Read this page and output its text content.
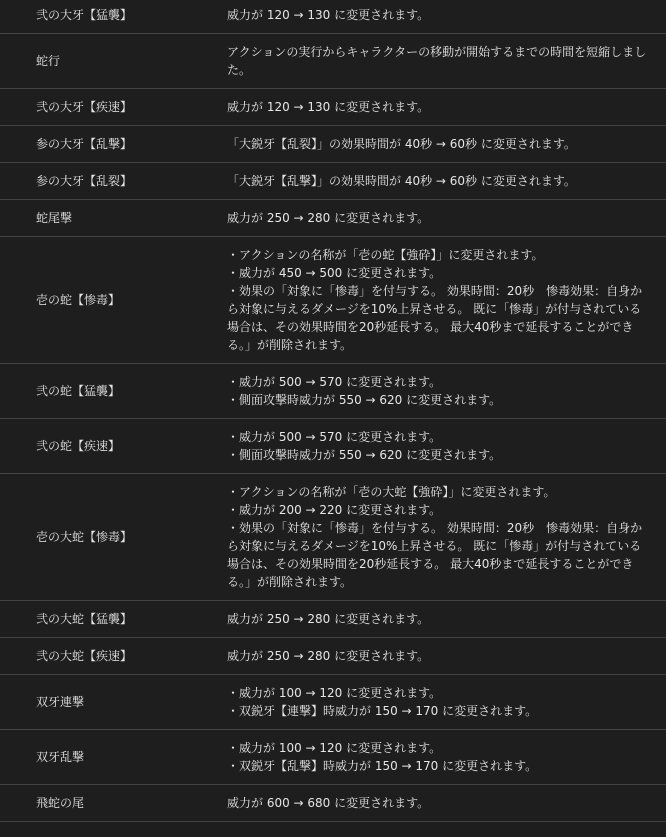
弐の大牙【猛襲】	威力が 120 → 130 に変更されます。

蛇行	アクションの実行からキャラクターの移動が開始するまでの時間を短縮しました。

弐の大牙【疾速】	威力が 120 → 130 に変更されます。

参の大牙【乱撃】	「大鋭牙【乱裂】」の効果時間が 40秒 → 60秒 に変更されます。

参の大牙【乱裂】	「大鋭牙【乱撃】」の効果時間が 40秒 → 60秒 に変更されます。

蛇尾撃	威力が 250 → 280 に変更されます。

壱の蛇【惨毒】	・アクションの名称が「壱の蛇【強砕】」に変更されます。
・威力が 450 → 500 に変更されます。
・効果の「対象に「惨毒」を付与する。 効果時間：20秒　惨毒効果：自身から対象に与えるダメージを10%上昇させる。 既に「惨毒」が付与されている場合は、その効果時間を20秒延長する。 最大40秒まで延長することができる。」が削除されます。

弐の蛇【猛襲】	・威力が 500 → 570 に変更されます。
・側面攻撃時威力が 550 → 620 に変更されます。

弐の蛇【疾速】	・威力が 500 → 570 に変更されます。
・側面攻撃時威力が 550 → 620 に変更されます。

壱の大蛇【惨毒】	・アクションの名称が「壱の大蛇【強砕】」に変更されます。
・威力が 200 → 220 に変更されます。
・効果の「対象に「惨毒」を付与する。 効果時間：20秒　惨毒効果：自身から対象に与えるダメージを10%上昇させる。 既に「惨毒」が付与されている場合は、その効果時間を20秒延長する。 最大40秒まで延長することができる。」が削除されます。

弐の大蛇【猛襲】	威力が 250 → 280 に変更されます。

弐の大蛇【疾速】	威力が 250 → 280 に変更されます。

双牙連撃	・威力が 100 → 120 に変更されます。
・双鋭牙【連撃】時威力が 150 → 170 に変更されます。

双牙乱撃	・威力が 100 → 120 に変更されます。
・双鋭牙【乱撃】時威力が 150 → 170 に変更されます。

飛蛇の尾	威力が 600 → 680 に変更されます。
